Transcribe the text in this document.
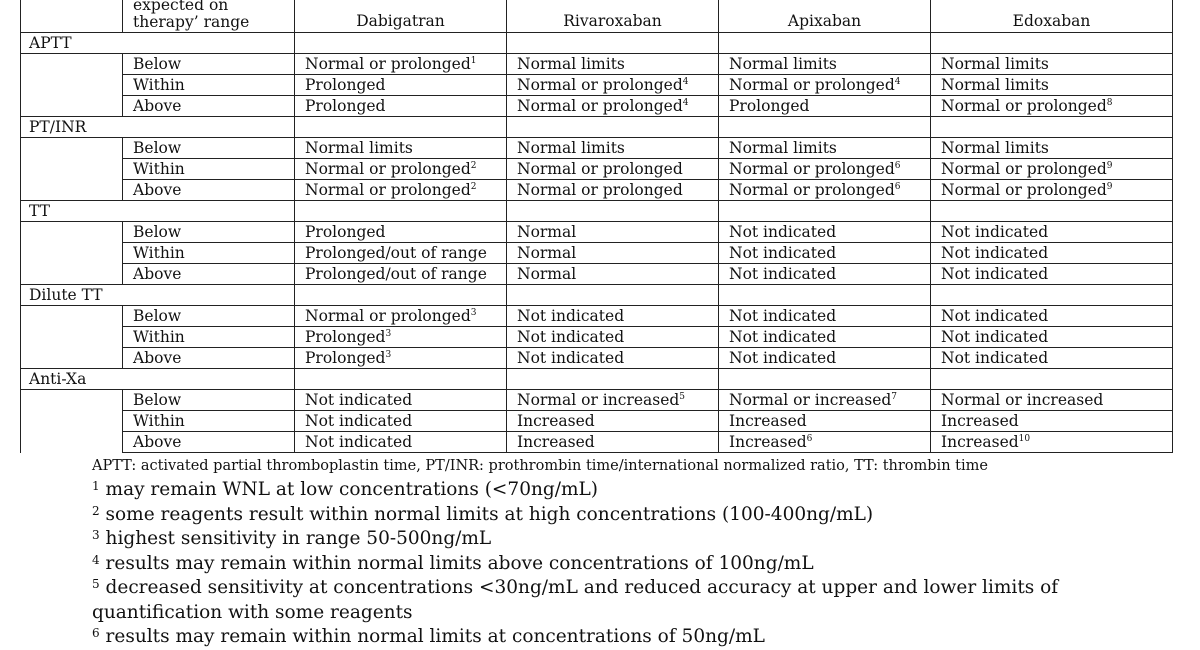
	expected on
therapy’ range	Dabigatran	Rivaroxaban	Apixaban	Edoxaban
APTT					
	Below	Normal or prolonged$^1$	Normal limits	Normal limits	Normal limits
	Within	Prolonged	Normal or prolonged$^4$	Normal or prolonged$^4$	Normal limits
	Above	Prolonged	Normal or prolonged$^4$	Prolonged	Normal or prolonged$^8$
PT/INR					
	Below	Normal limits	Normal limits	Normal limits	Normal limits
	Within	Normal or prolonged$^2$	Normal or prolonged	Normal or prolonged$^6$	Normal or prolonged$^9$
	Above	Normal or prolonged$^2$	Normal or prolonged	Normal or prolonged$^6$	Normal or prolonged$^9$
TT					
	Below	Prolonged	Normal	Not indicated	Not indicated
	Within	Prolonged/out of range	Normal	Not indicated	Not indicated
	Above	Prolonged/out of range	Normal	Not indicated	Not indicated
Dilute TT					
	Below	Normal or prolonged$^3$	Not indicated	Not indicated	Not indicated
	Within	Prolonged$^3$	Not indicated	Not indicated	Not indicated
	Above	Prolonged$^3$	Not indicated	Not indicated	Not indicated
Anti-Xa					
	Below	Not indicated	Normal or increased$^5$	Normal or increased$^7$	Normal or increased
	Within	Not indicated	Increased	Increased	Increased
	Above	Not indicated	Increased	Increased$^6$	Increased$^{10}$
APTT: activated partial thromboplastin time, PT/INR: prothrombin time/international normalized ratio, TT: thrombin time
$^1$ may remain WNL at low concentrations (<70ng/mL)
$^2$ some reagents result within normal limits at high concentrations (100-400ng/mL)
$^3$ highest sensitivity in range 50-500ng/mL
$^4$ results may remain within normal limits above concentrations of 100ng/mL
$^5$ decreased sensitivity at concentrations <30ng/mL and reduced accuracy at upper and lower limits of quantification with some reagents
$^6$ results may remain within normal limits at concentrations of 50ng/mL
